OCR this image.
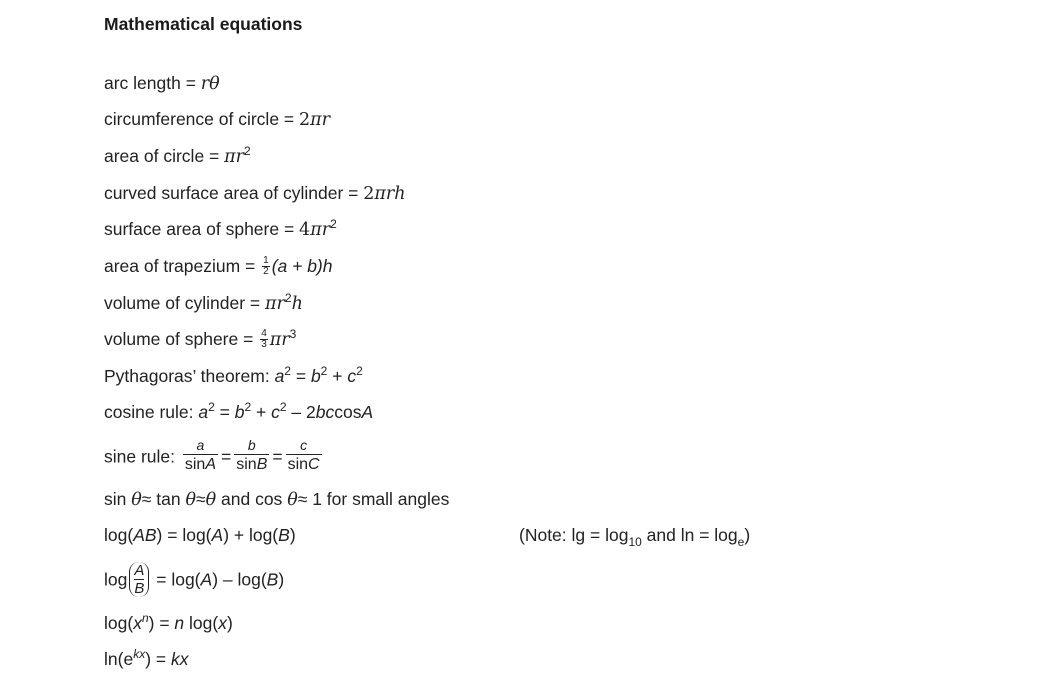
Mathematical equations
arc length = rθ
circumference of circle = 2πr
area of circle = $\pi r^2$
curved surface area of cylinder = 2πrh
surface area of sphere = $4\pi r^2$
area of trapezium = $\frac{1}{2} (a + b)h$
volume of cylinder = $\pi r^2h$
volume of sphere = $\frac{4}{3} \pi r^3$
Pythagoras’ theorem: $a^2 = b^2 + c^2$
cosine rule: $a^2 = b^2 + c^2 - 2bccosA$
sine rule: $\frac{a}{\sin A} = \frac{b}{\sin B} = \frac{c}{\sin C}$
sin θ≈ tan θ≈θ and cos θ≈ 1 for small angles
log(AB) = log(A) + log(B)	(Note: $\lg = \log_{10}$ and $\ln = \log_e$)
$\log \frac{A}{B} = \log(A) - \log(B)$
$\log(x^n) = n$ log(x)
$\ln(e^{kx})$ = kx
